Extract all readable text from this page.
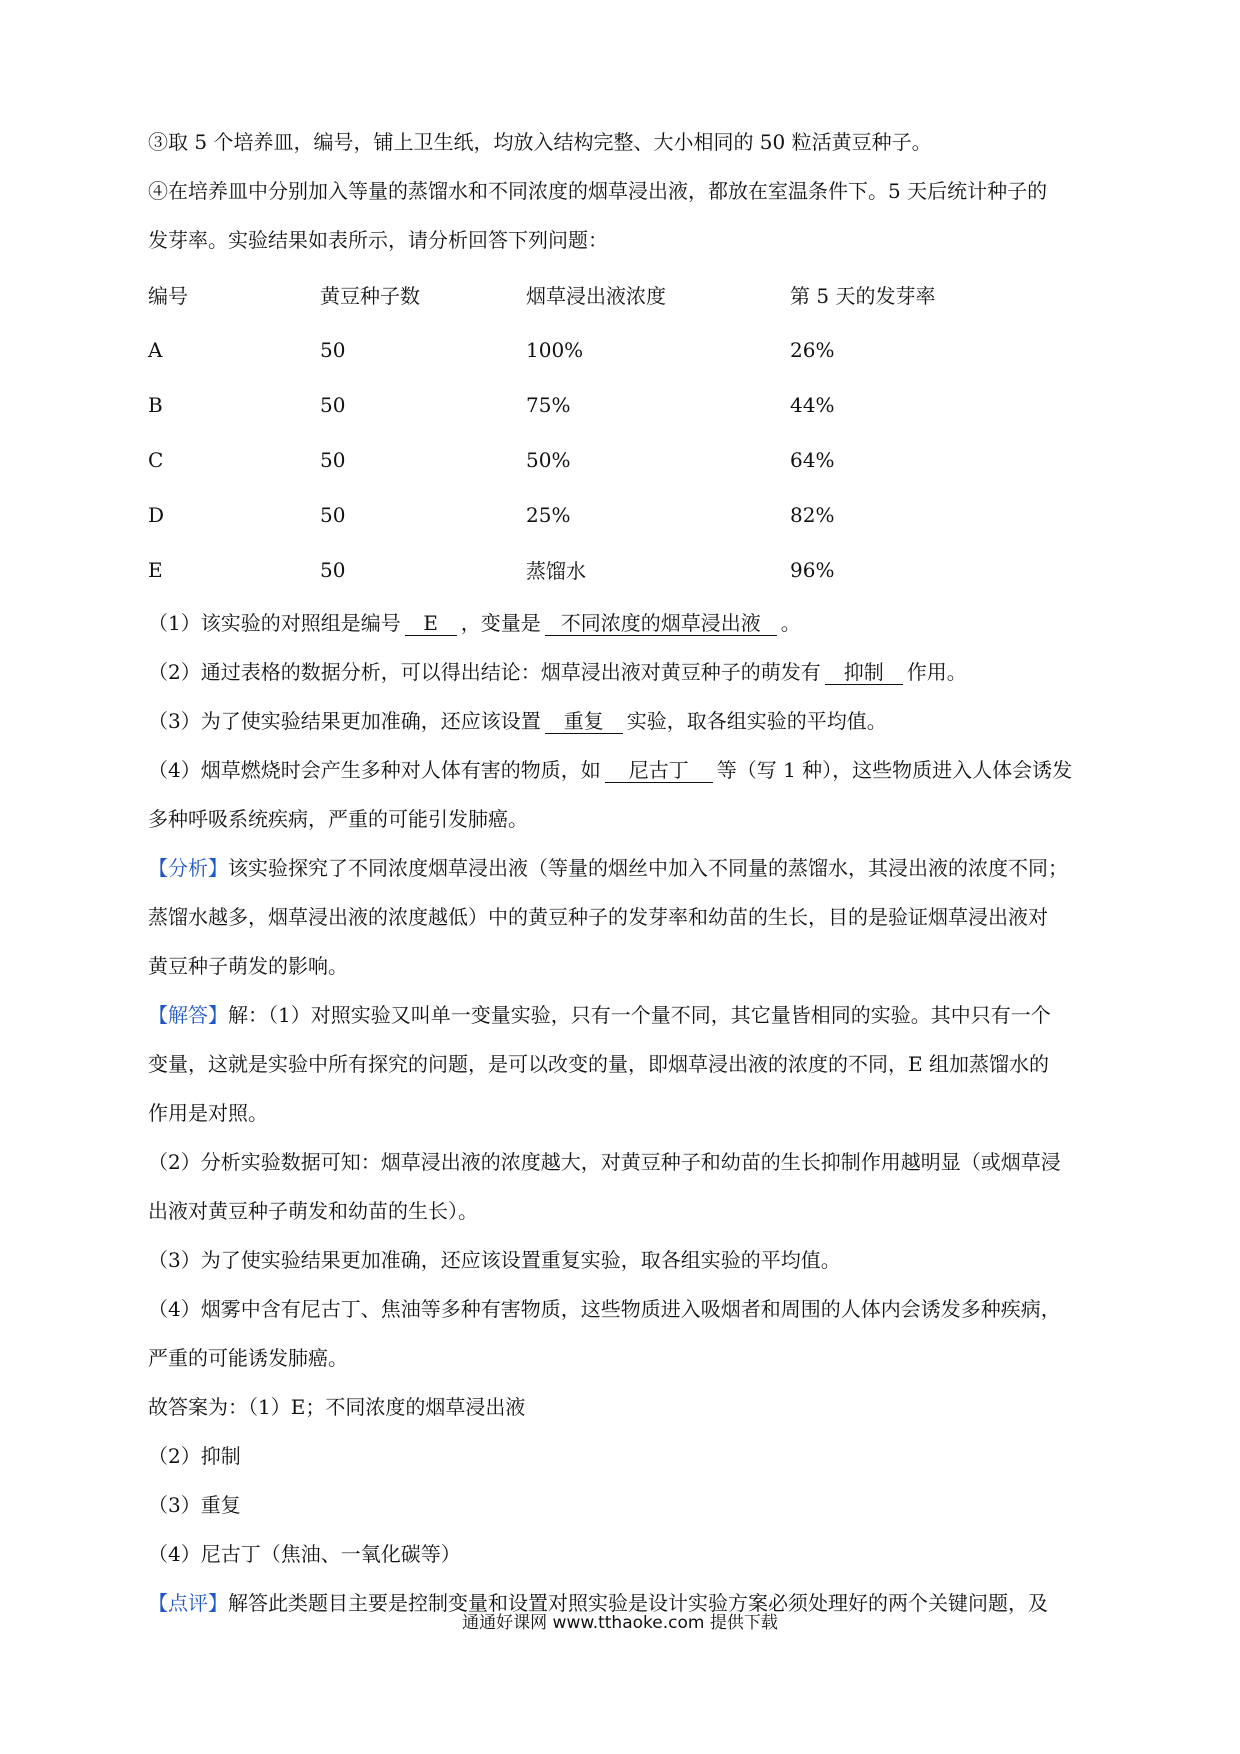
③取 5 个培养皿，编号，铺上卫生纸，均放入结构完整、大小相同的 50 粒活黄豆种子。

④在培养皿中分别加入等量的蒸馏水和不同浓度的烟草浸出液，都放在室温条件下。5 天后统计种子的

发芽率。实验结果如表所示，请分析回答下列问题：

编号	黄豆种子数	烟草浸出液浓度	第 5 天的发芽率
A	50	100%	26%
B	50	75%	44%
C	50	50%	64%
D	50	25%	82%
E	50	蒸馏水	96%

（1）该实验的对照组是编号 E ，变量是 不同浓度的烟草浸出液 。

（2）通过表格的数据分析，可以得出结论：烟草浸出液对黄豆种子的萌发有 抑制 作用。

（3）为了使实验结果更加准确，还应该设置 重复 实验，取各组实验的平均值。

（4）烟草燃烧时会产生多种对人体有害的物质，如 尼古丁 等（写 1 种），这些物质进入人体会诱发

多种呼吸系统疾病，严重的可能引发肺癌。

【分析】该实验探究了不同浓度烟草浸出液（等量的烟丝中加入不同量的蒸馏水，其浸出液的浓度不同；

蒸馏水越多，烟草浸出液的浓度越低）中的黄豆种子的发芽率和幼苗的生长，目的是验证烟草浸出液对

黄豆种子萌发的影响。

【解答】解：（1）对照实验又叫单一变量实验，只有一个量不同，其它量皆相同的实验。其中只有一个

变量，这就是实验中所有探究的问题，是可以改变的量，即烟草浸出液的浓度的不同，E 组加蒸馏水的

作用是对照。

（2）分析实验数据可知：烟草浸出液的浓度越大，对黄豆种子和幼苗的生长抑制作用越明显（或烟草浸

出液对黄豆种子萌发和幼苗的生长）。

（3）为了使实验结果更加准确，还应该设置重复实验，取各组实验的平均值。

（4）烟雾中含有尼古丁、焦油等多种有害物质，这些物质进入吸烟者和周围的人体内会诱发多种疾病，

严重的可能诱发肺癌。

故答案为：（1）E；不同浓度的烟草浸出液

（2）抑制

（3）重复

（4）尼古丁（焦油、一氧化碳等）

【点评】解答此类题目主要是控制变量和设置对照实验是设计实验方案必须处理好的两个关键问题，及

通通好课网 www.tthaoke.com 提供下载
